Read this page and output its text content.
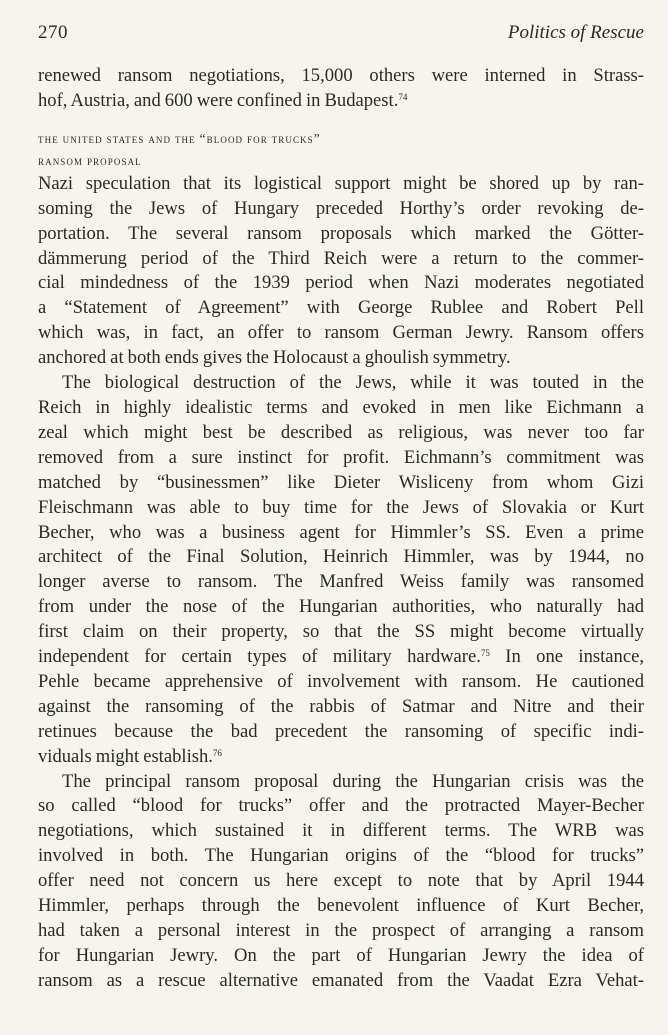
270	Politics of Rescue
renewed ransom negotiations, 15,000 others were interned in Strass-
hof, Austria, and 600 were confined in Budapest.$^{74}$
the united states and the “blood for trucks”
ransom proposal
Nazi speculation that its logistical support might be shored up by ran-
soming the Jews of Hungary preceded Horthy’s order revoking de-
portation. The several ransom proposals which marked the Götter-
dämmerung period of the Third Reich were a return to the commer-
cial mindedness of the 1939 period when Nazi moderates negotiated
a “Statement of Agreement” with George Rublee and Robert Pell
which was, in fact, an offer to ransom German Jewry. Ransom offers
anchored at both ends gives the Holocaust a ghoulish symmetry.
The biological destruction of the Jews, while it was touted in the
Reich in highly idealistic terms and evoked in men like Eichmann a
zeal which might best be described as religious, was never too far
removed from a sure instinct for profit. Eichmann’s commitment was
matched by “businessmen” like Dieter Wisliceny from whom Gizi
Fleischmann was able to buy time for the Jews of Slovakia or Kurt
Becher, who was a business agent for Himmler’s SS. Even a prime
architect of the Final Solution, Heinrich Himmler, was by 1944, no
longer averse to ransom. The Manfred Weiss family was ransomed
from under the nose of the Hungarian authorities, who naturally had
first claim on their property, so that the SS might become virtually
independent for certain types of military hardware.$^{75}$ In one instance,
Pehle became apprehensive of involvement with ransom. He cautioned
against the ransoming of the rabbis of Satmar and Nitre and their
retinues because the bad precedent the ransoming of specific indi-
viduals might establish.$^{76}$
The principal ransom proposal during the Hungarian crisis was the
so called “blood for trucks” offer and the protracted Mayer-Becher
negotiations, which sustained it in different terms. The WRB was
involved in both. The Hungarian origins of the “blood for trucks”
offer need not concern us here except to note that by April 1944
Himmler, perhaps through the benevolent influence of Kurt Becher,
had taken a personal interest in the prospect of arranging a ransom
for Hungarian Jewry. On the part of Hungarian Jewry the idea of
ransom as a rescue alternative emanated from the Vaadat Ezra Vehat-
